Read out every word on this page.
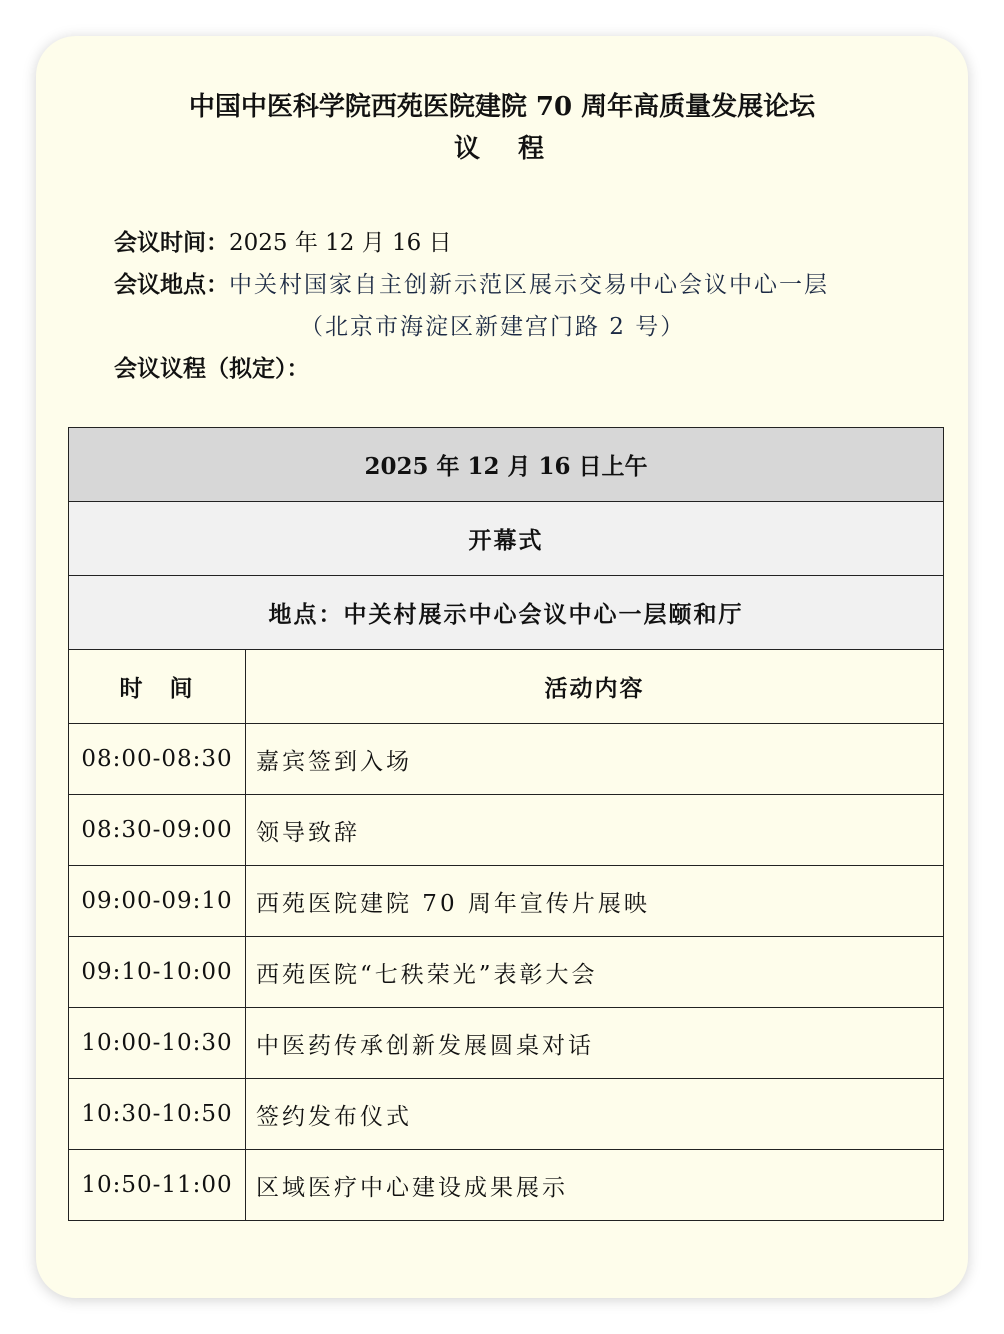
中国中医科学院西苑医院建院 70 周年高质量发展论坛
议　程
会议时间：2025 年 12 月 16 日
会议地点：中关村国家自主创新示范区展示交易中心会议中心一层
（北京市海淀区新建宫门路 2 号）
会议议程（拟定）：
2025 年 12 月 16 日上午	
开幕式	
地点：中关村展示中心会议中心一层颐和厅	
时　间	活动内容
08:00-08:30	嘉宾签到入场
08:30-09:00	领导致辞
09:00-09:10	西苑医院建院 70 周年宣传片展映
09:10-10:00	西苑医院“七秩荣光”表彰大会
10:00-10:30	中医药传承创新发展圆桌对话
10:30-10:50	签约发布仪式
10:50-11:00	区域医疗中心建设成果展示
